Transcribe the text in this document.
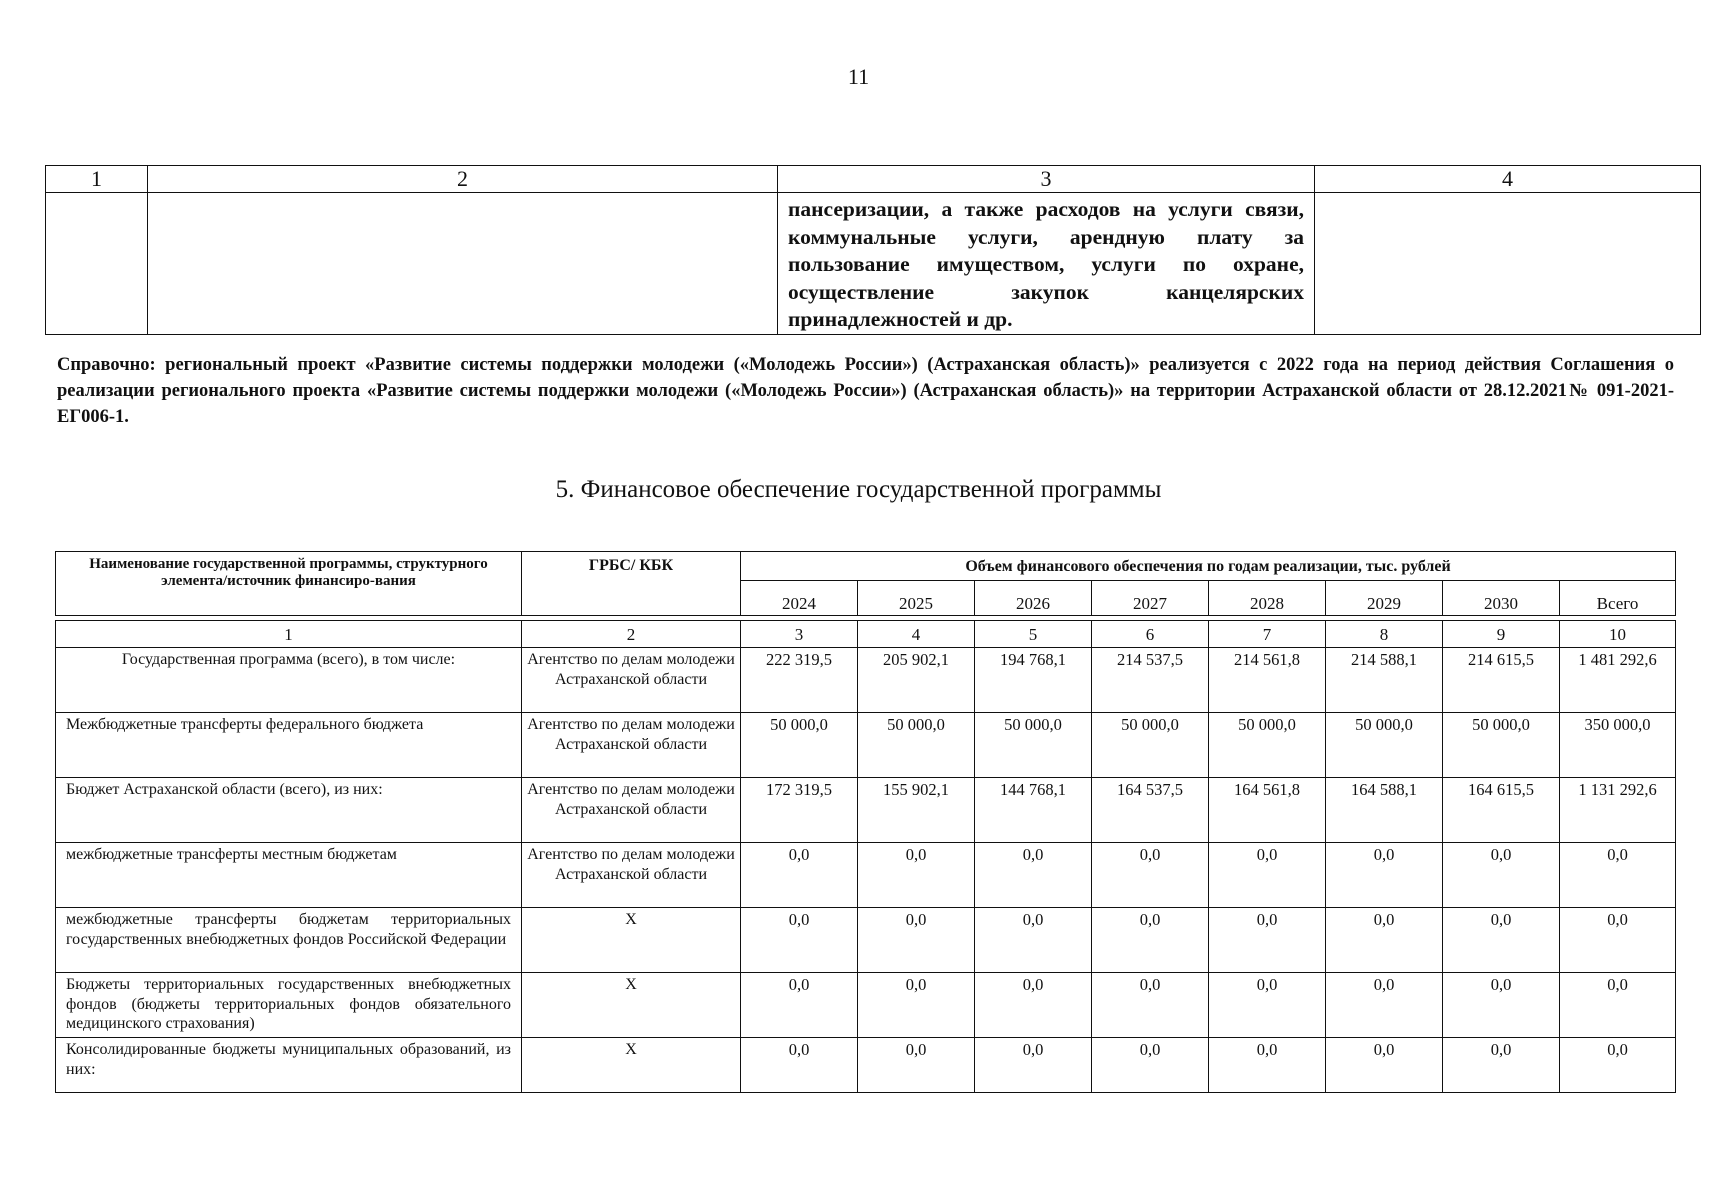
11
1	2	3	4

		пансеризации, а также расходов на услуги связи, коммунальные услуги, арендную плату за пользование имуществом, услуги по охране, осуществление закупок канцелярских принадлежностей и др.	

Справочно: региональный проект «Развитие системы поддержки молодежи («Молодежь России») (Астраханская область)» реализуется с 2022 года на период действия Соглашения о реализации регионального проекта «Развитие системы поддержки молодежи («Молодежь России») (Астраханская область)» на территории Астраханской области от 28.12.2021№ 091-2021-ЕГ006-1.
5. Финансовое обеспечение государственной программы
Наименование государственной программы, структурного элемента/источник финансиро-вания	ГРБС/ КБК	Объем финансового обеспечения по годам реализации, тыс. рублей							
		2024	2025	2026	2027	2028	2029	2030	Всего

1	2	3	4	5	6	7	8	9	10
Государственная программа (всего), в том числе:	Агентство по делам молодежи Астраханской области	222 319,5	205 902,1	194 768,1	214 537,5	214 561,8	214 588,1	214 615,5	1 481 292,6
Межбюджетные трансферты федерального бюджета	Агентство по делам молодежи Астраханской области	50 000,0	50 000,0	50 000,0	50 000,0	50 000,0	50 000,0	50 000,0	350 000,0
Бюджет Астраханской области (всего), из них:	Агентство по делам молодежи Астраханской области	172 319,5	155 902,1	144 768,1	164 537,5	164 561,8	164 588,1	164 615,5	1 131 292,6
межбюджетные трансферты местным бюджетам	Агентство по делам молодежи Астраханской области	0,0	0,0	0,0	0,0	0,0	0,0	0,0	0,0
межбюджетные трансферты бюджетам территориальных государственных внебюджетных фондов Российской Федерации	Х	0,0	0,0	0,0	0,0	0,0	0,0	0,0	0,0
Бюджеты территориальных государственных внебюджетных фондов (бюджеты территориальных фондов обязательного медицинского страхования)	Х	0,0	0,0	0,0	0,0	0,0	0,0	0,0	0,0
Консолидированные бюджеты муниципальных образований, из них:	Х	0,0	0,0	0,0	0,0	0,0	0,0	0,0	0,0
